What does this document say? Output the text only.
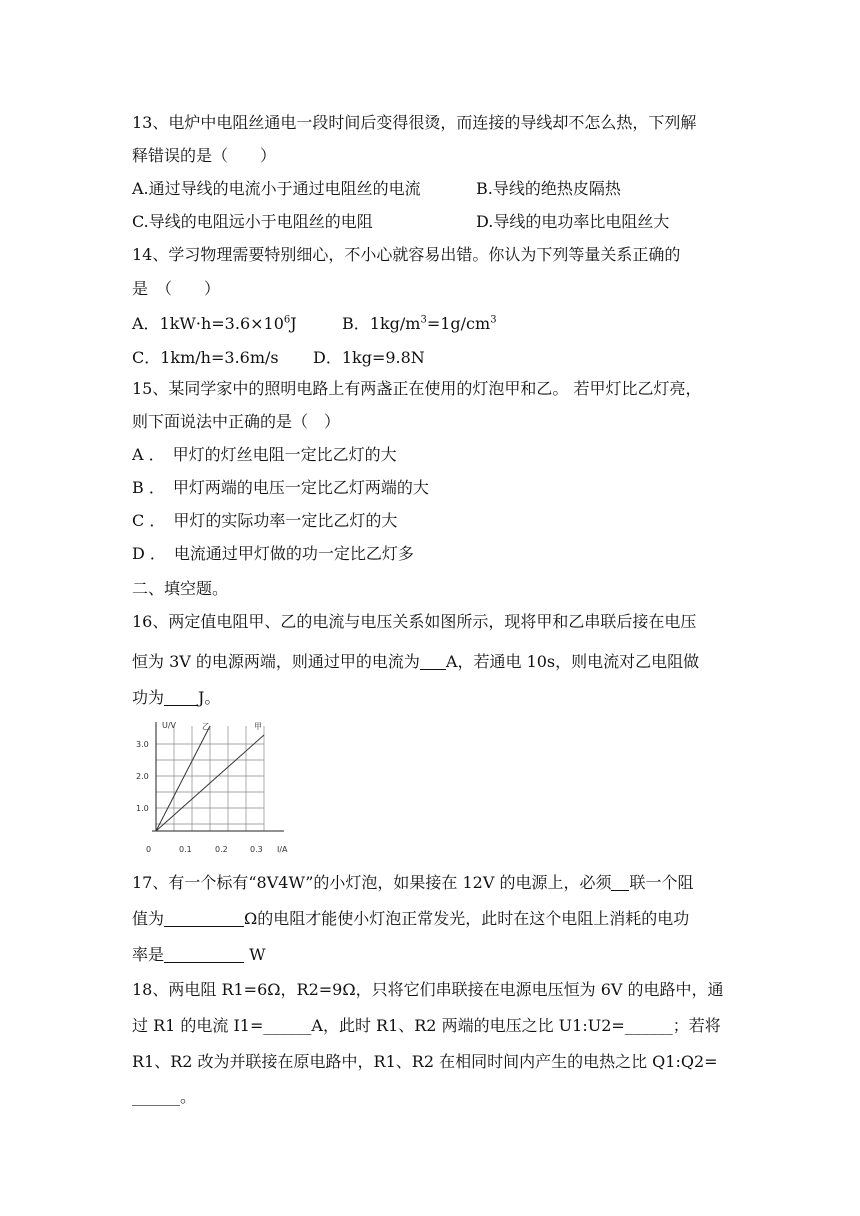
13、电炉中电阻丝通电一段时间后变得很烫，而连接的导线却不怎么热，下列解
释错误的是（　　）
A.通过导线的电流小于通过电阻丝的电流	B.导线的绝热皮隔热
C.导线的电阻远小于电阻丝的电阻	D.导线的电功率比电阻丝大
14、学习物理需要特别细心，不小心就容易出错。你认为下列等量关系正确的
是　（　　）
A．$1kW\cdot h=3.6\times 10^6J$	B．$1kg/m^3=1g/cm^3$
C．1km/h=3.6m/s D．1kg=9.8N
15、某同学家中的照明电路上有两盏正在使用的灯泡甲和乙。 若甲灯比乙灯亮，
则下面说法中正确的是（　）
A ．　甲灯的灯丝电阻一定比乙灯的大
B ．　甲灯两端的电压一定比乙灯两端的大
C ．　甲灯的实际功率一定比乙灯的大
D ．　电流通过甲灯做的功一定比乙灯多
二、填空题。
16、两定值电阻甲、乙的电流与电压关系如图所示，现将甲和乙串联后接在电压
恒为 3V 的电源两端，则通过甲的电流为 A，若通电 10s，则电流对乙电阻做
功为 J。
U/V	乙	甲
3.0
2.0
1.0
0	0.1	0.2	0.3 I/A
17、有一个标有“8V4W”的小灯泡，如果接在 12V 的电源上，必须 联一个阻
值为	Ω的电阻才能使小灯泡正常发光，此时在这个电阻上消耗的电功
率是	W
18、两电阻 R1=6Ω，R2=9Ω，只将它们串联接在电源电压恒为 6V 的电路中，通
过 R1 的电流 I1=______A，此时 R1、R2 两端的电压之比 U1:U2=______；若将
R1、R2 改为并联接在原电路中，R1、R2 在相同时间内产生的电热之比 Q1:Q2=
______。
